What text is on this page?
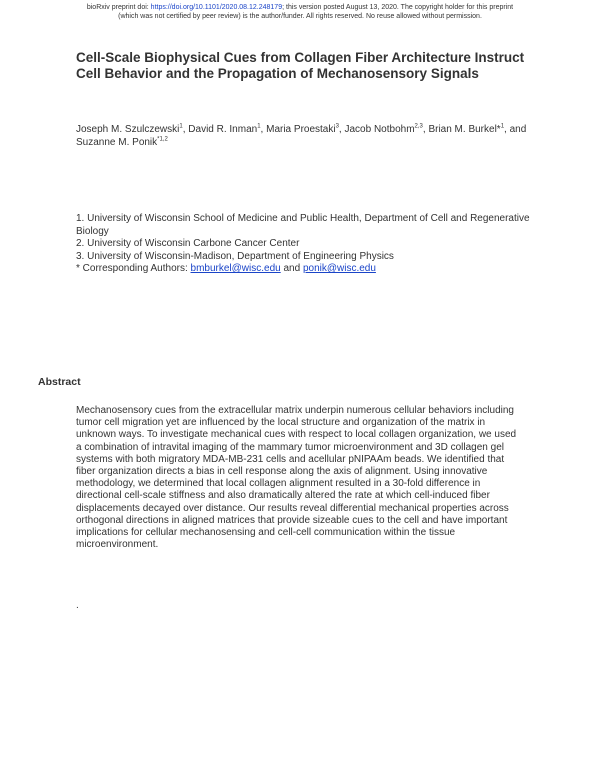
bioRxiv preprint doi: https://doi.org/10.1101/2020.08.12.248179; this version posted August 13, 2020. The copyright holder for this preprint
(which was not certified by peer review) is the author/funder. All rights reserved. No reuse allowed without permission.
Cell-Scale Biophysical Cues from Collagen Fiber Architecture Instruct Cell Behavior and the Propagation of Mechanosensory Signals
Joseph M. Szulczewski$^1$, David R. Inman$^1$, Maria Proestaki$^3$, Jacob Notbohm$^{2,3}$, Brian M. Burkel*$^1$, and Suzanne M. Ponik$^{*1,2}$

1. University of Wisconsin School of Medicine and Public Health, Department of Cell and Regenerative Biology

2. University of Wisconsin Carbone Cancer Center

3. University of Wisconsin-Madison, Department of Engineering Physics

* Corresponding Authors: bmburkel@wisc.edu and ponik@wisc.edu

Abstract
Mechanosensory cues from the extracellular matrix underpin numerous cellular behaviors including tumor cell migration yet are influenced by the local structure and organization of the matrix in unknown ways. To investigate mechanical cues with respect to local collagen organization, we used a combination of intravital imaging of the mammary tumor microenvironment and 3D collagen gel systems with both migratory MDA-MB-231 cells and acellular pNIPAAm beads. We identified that fiber organization directs a bias in cell response along the axis of alignment. Using innovative methodology, we determined that local collagen alignment resulted in a 30-fold difference in directional cell-scale stiffness and also dramatically altered the rate at which cell-induced fiber displacements decayed over distance. Our results reveal differential mechanical properties across orthogonal directions in aligned matrices that provide sizeable cues to the cell and have important implications for cellular mechanosensing and cell-cell communication within the tissue microenvironment.
.
